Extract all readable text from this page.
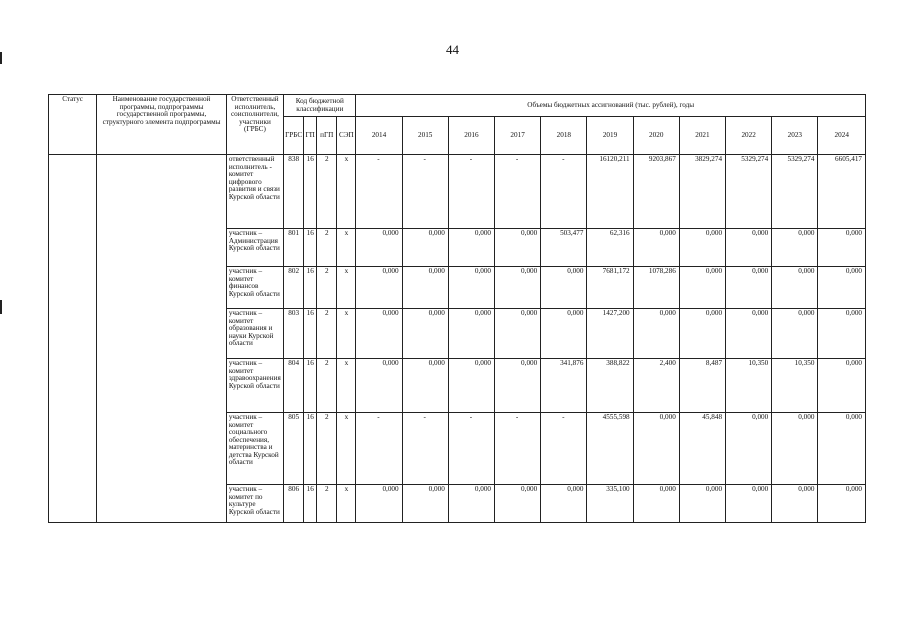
44
Статус	Наименование государственной программы, подпрограммы государственной программы, структурного элемента подпрограммы	Ответственный исполнитель, соисполнители, участники (ГРБС)	Код бюджетной классификации				Объемы бюджетных ассигнований (тыс. рублей), годы										
			ГРБС	ГП	пГП	СЭП	2014	2015	2016	2017	2018	2019	2020	2021	2022	2023	2024
		ответственный исполнитель - комитет цифрового развития и связи Курской области	838	16	2	х	-	-	-	-	-	16120,211	9203,867	3829,274	5329,274	5329,274	6605,417
		участник – Администрация Курской области	801	16	2	х	0,000	0,000	0,000	0,000	503,477	62,316	0,000	0,000	0,000	0,000	0,000
		участник – комитет финансов Курской области	802	16	2	х	0,000	0,000	0,000	0,000	0,000	7681,172	1078,286	0,000	0,000	0,000	0,000
		участник – комитет образования и науки Курской области	803	16	2	х	0,000	0,000	0,000	0,000	0,000	1427,200	0,000	0,000	0,000	0,000	0,000
		участник – комитет здравоохранения Курской области	804	16	2	х	0,000	0,000	0,000	0,000	341,876	388,822	2,400	8,487	10,350	10,350	0,000
		участник – комитет социального обеспечения, материнства и детства Курской области	805	16	2	х	-	-	-	-	-	4555,598	0,000	45,848	0,000	0,000	0,000
		участник – комитет по культуре Курской области	806	16	2	х	0,000	0,000	0,000	0,000	0,000	335,100	0,000	0,000	0,000	0,000	0,000
